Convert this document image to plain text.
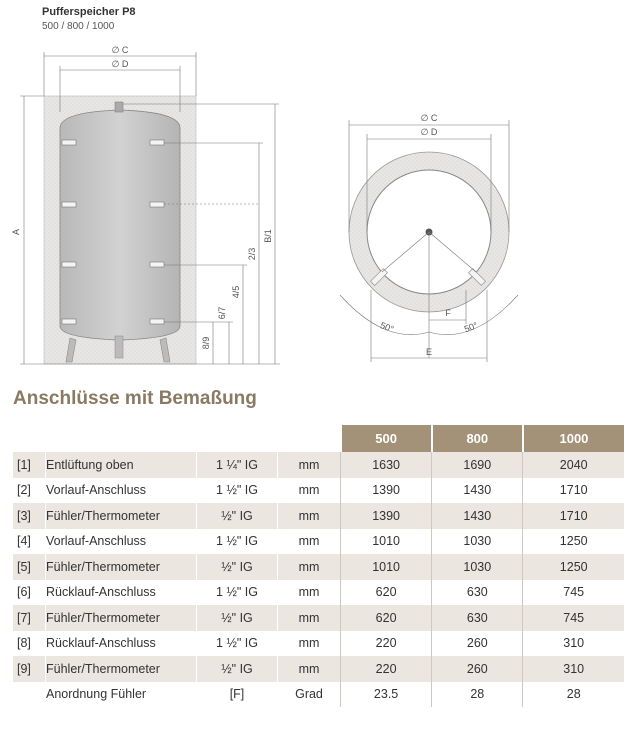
Pufferspeicher P8
500 / 800 / 1000
∅ C
∅ D
A	B/1
2/3
4/5
6/7
8/9
∅ C
∅ D
50°	50°
F
E
Anschlüsse mit Bemaßung
				500	800	1000
[1]	Entlüftung oben	1 ¼" IG	mm	1630	1690	2040
[2]	Vorlauf-Anschluss	1 ½" IG	mm	1390	1430	1710
[3]	Fühler/Thermometer	½" IG	mm	1390	1430	1710
[4]	Vorlauf-Anschluss	1 ½" IG	mm	1010	1030	1250
[5]	Fühler/Thermometer	½" IG	mm	1010	1030	1250
[6]	Rücklauf-Anschluss	1 ½" IG	mm	620	630	745
[7]	Fühler/Thermometer	½" IG	mm	620	630	745
[8]	Rücklauf-Anschluss	1 ½" IG	mm	220	260	310
[9]	Fühler/Thermometer	½" IG	mm	220	260	310
	Anordnung Fühler	[F]	Grad	23.5	28	28
